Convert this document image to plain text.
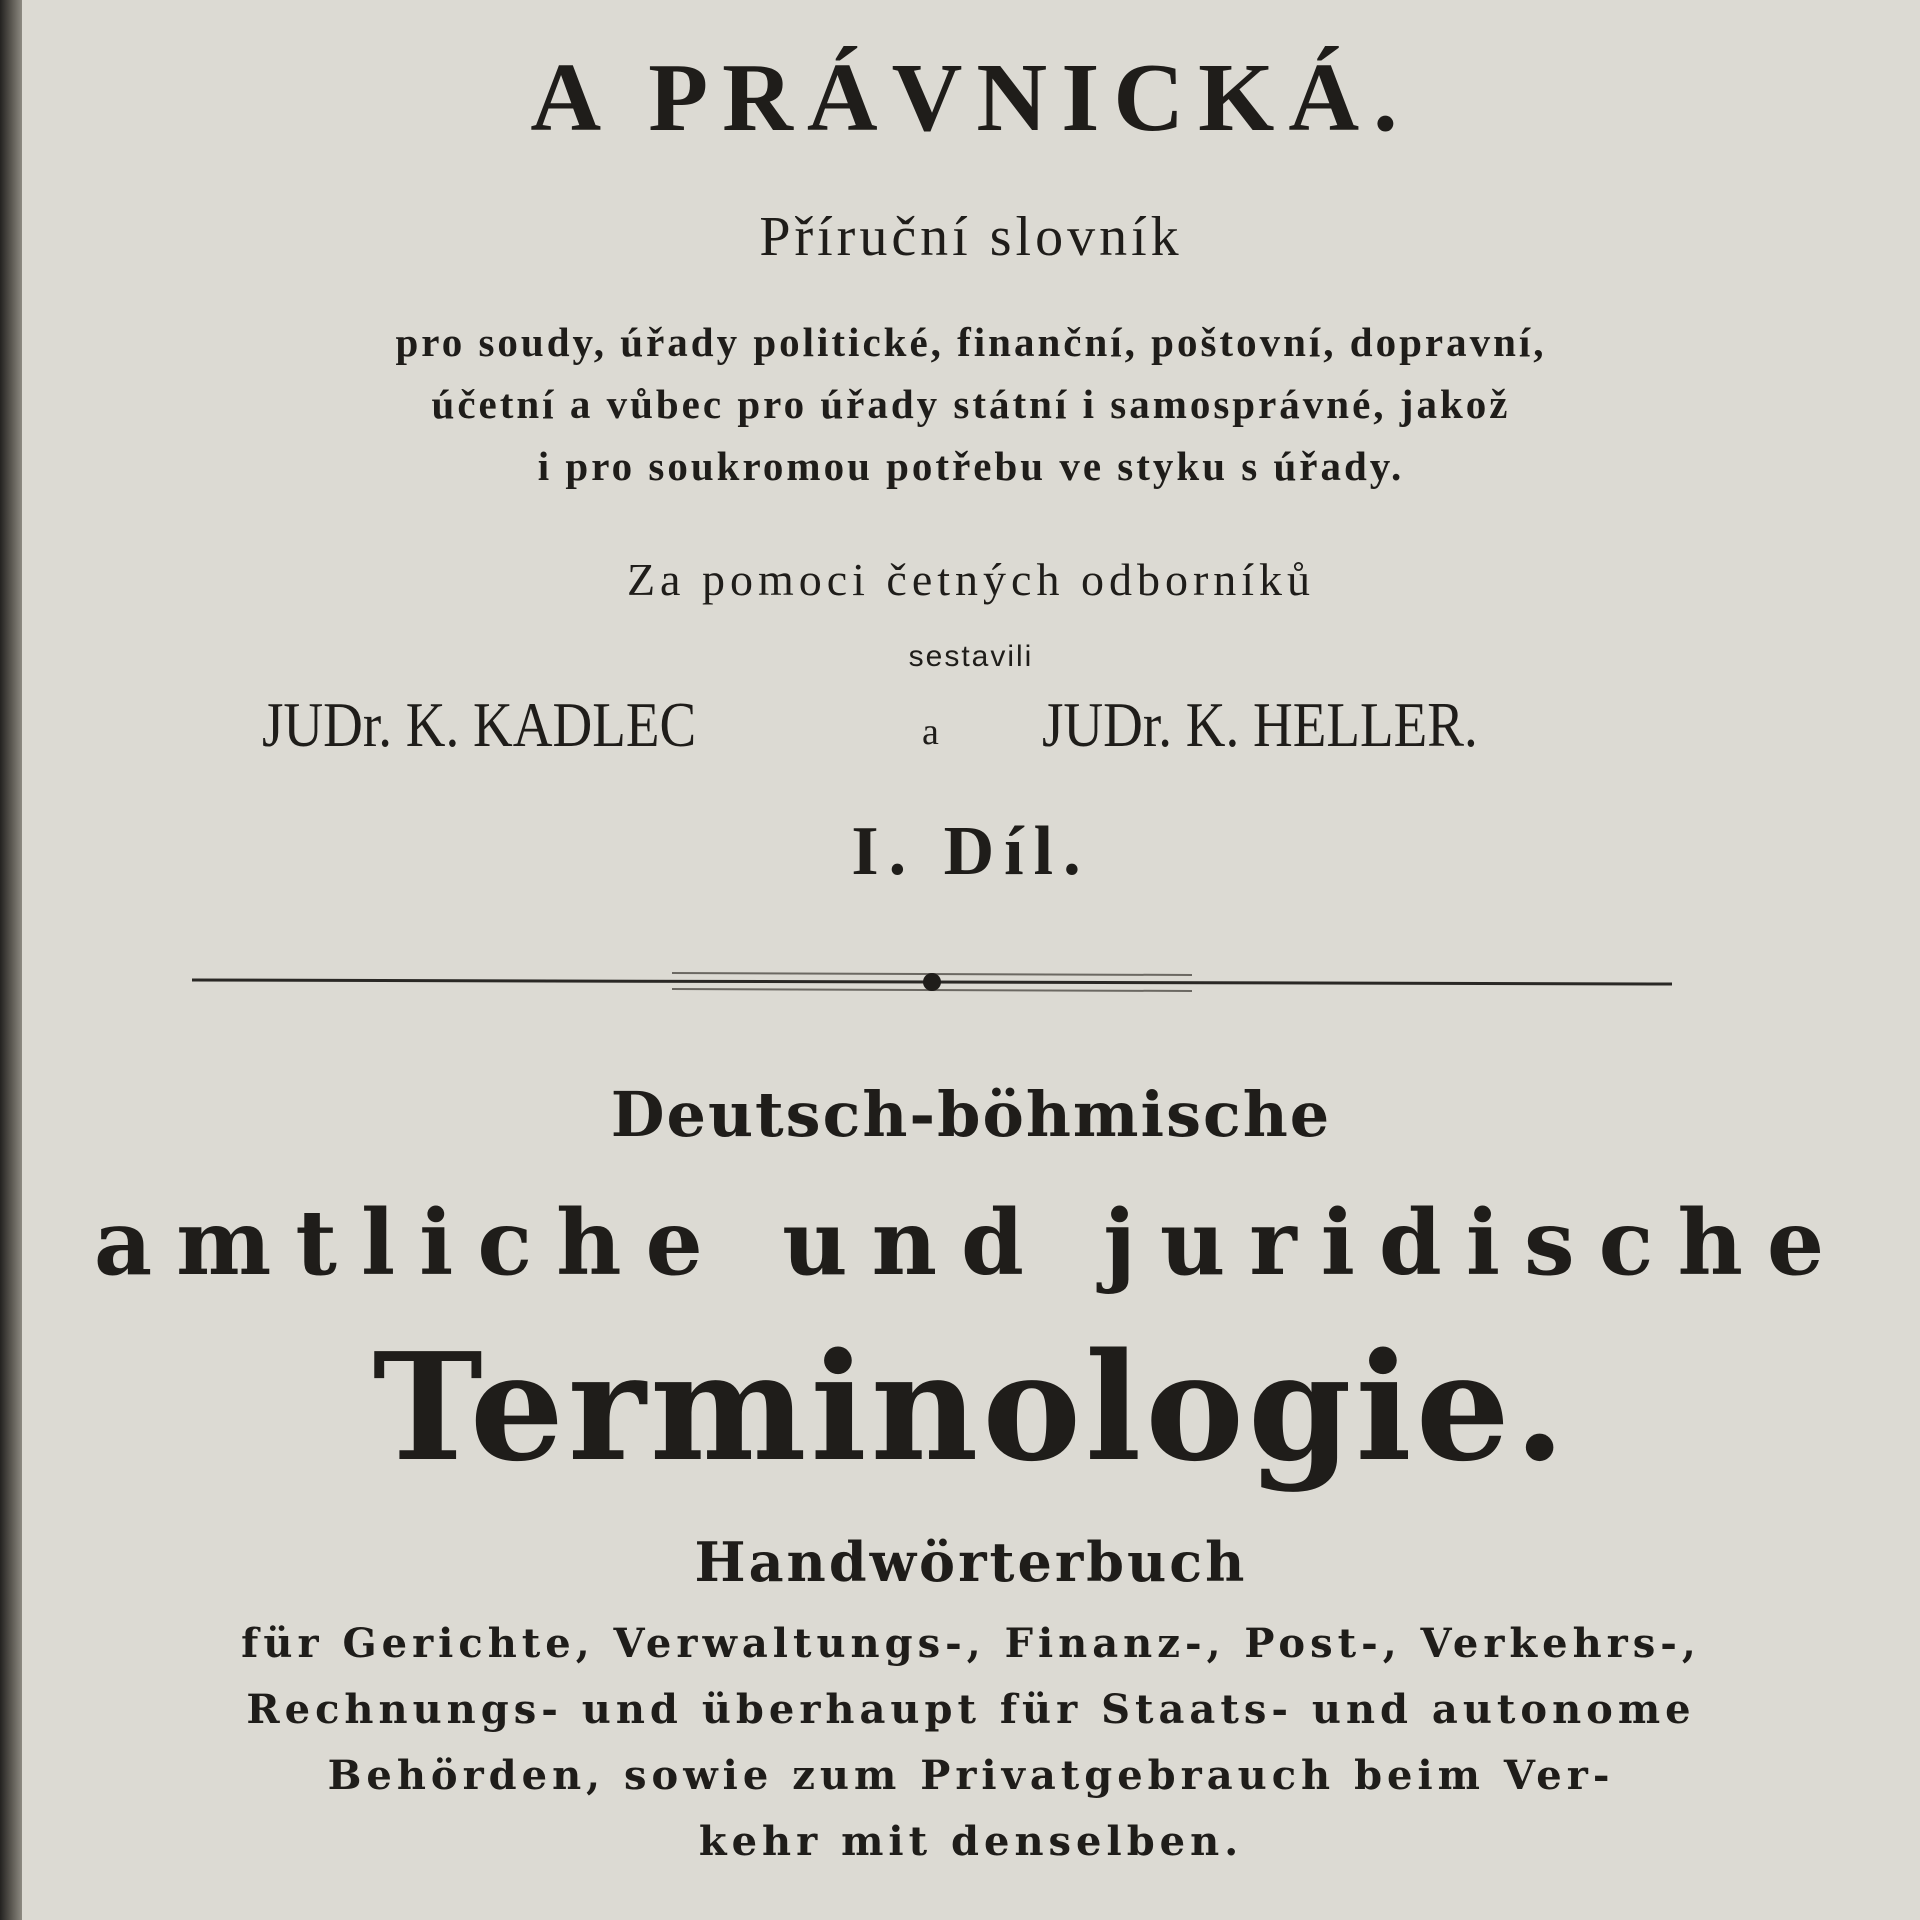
A PRÁVNICKÁ.

Příruční slovník

pro soudy, úřady politické, finanční, poštovní, dopravní,

účetní a vůbec pro úřady státní i samosprávné, jakož

i pro soukromou potřebu ve styku s úřady.

Za pomoci četných odborníků

sestavili

JUDr. K. KADLEC	a JUDr. K. HELLER.

I. Díl.

Deutsch-böhmische

amtliche und juridische

Terminologie.

Handwörterbuch

für Gerichte, Verwaltungs-, Finanz-, Post-, Verkehrs-,

Rechnungs- und überhaupt für Staats- und autonome

Behörden, sowie zum Privatgebrauch beim Ver-

kehr mit denselben.
